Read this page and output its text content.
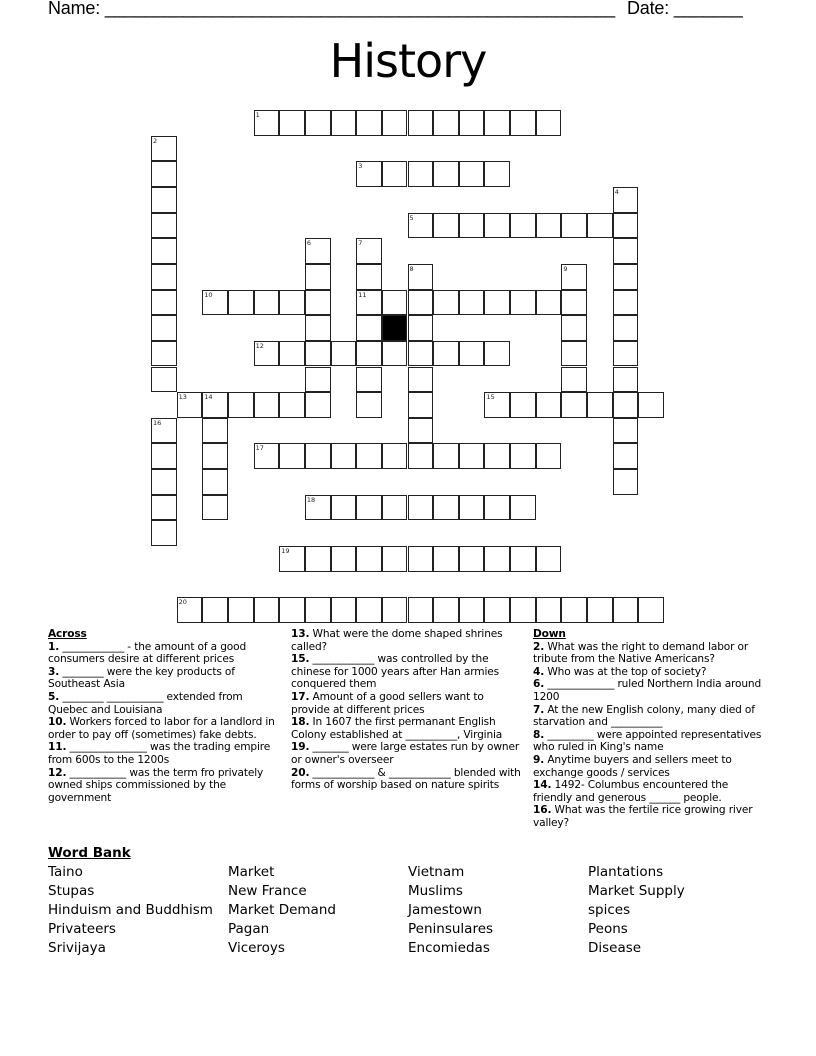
Name: ____________________________________________________ Date: _______
History
1
2
3
4
5
6	7
11
8	9
10
12
13	14	15
16
17
18
19
20
Across
1. ____________ - the amount of a good consumers desire at different prices
3. ________ were the key products of Southeast Asia
5. ________ ___________ extended from Quebec and Louisiana
10. Workers forced to labor for a landlord in order to pay off (sometimes) fake debts.
11. _______________ was the trading empire from 600s to the 1200s
12. ___________ was the term fro privately owned ships commissioned by the government
13. What were the dome shaped shrines called?
15. ____________ was controlled by the chinese for 1000 years after Han armies conquered them
17. Amount of a good sellers want to provide at different prices
18. In 1607 the first permanant English Colony established at __________, Virginia
19. _______ were large estates run by owner or owner's overseer
20. ____________ & ____________ blended with forms of worship based on nature spirits
Down
2. What was the right to demand labor or tribute from the Native Americans?
4. Who was at the top of society?
6. _____________ ruled Northern India around 1200
7. At the new English colony, many died of starvation and __________
8. _________ were appointed representatives who ruled in King's name
9. Anytime buyers and sellers meet to exchange goods / services
14. 1492- Columbus encountered the friendly and generous ______ people.
16. What was the fertile rice growing river valley?
Word Bank
Taino	Market	Vietnam	Plantations
Stupas	New France	Muslims	Market Supply
Hinduism and Buddhism	Market Demand	Jamestown	spices
Privateers	Pagan	Peninsulares	Peons
Srivijaya	Viceroys	Encomiedas	Disease
